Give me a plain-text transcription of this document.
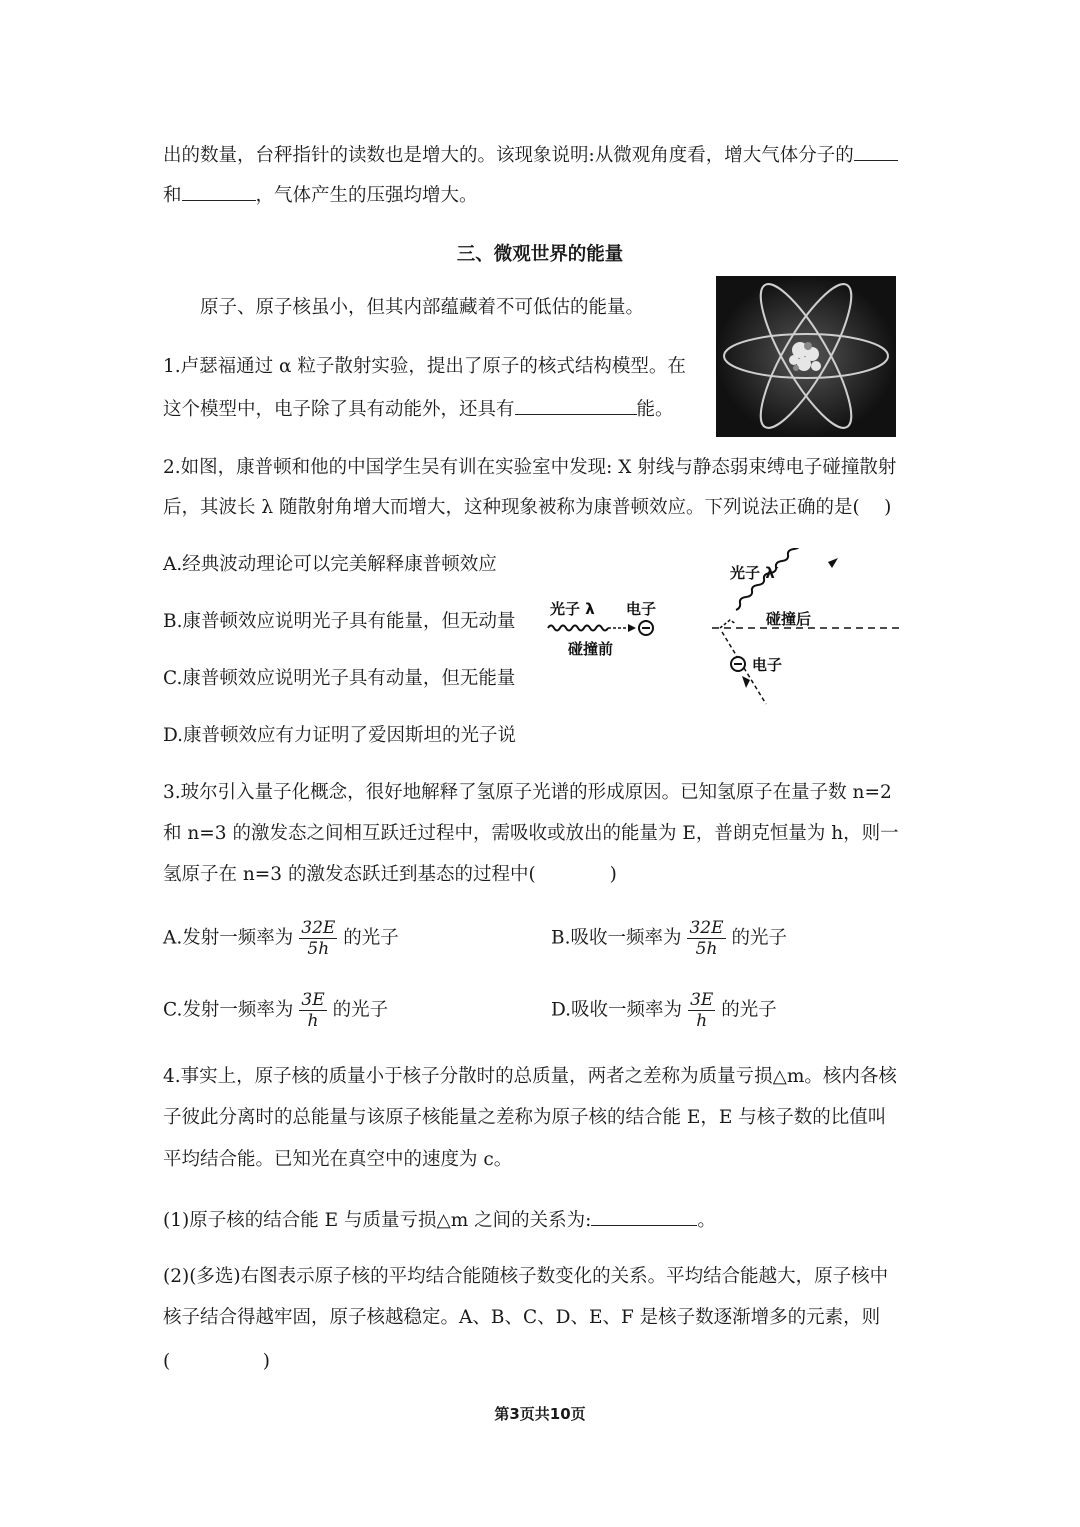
出的数量，台秤指针的读数也是增大的。该现象说明:从微观角度看，增大气体分子的
和	，气体产生的压强均增大。
三、微观世界的能量
原子、原子核虽小，但其内部蕴藏着不可低估的能量。
1.卢瑟福通过 α 粒子散射实验，提出了原子的核式结构模型。在
这个模型中，电子除了具有动能外，还具有	能。
2.如图，康普顿和他的中国学生吴有训在实验室中发现: X 射线与静态弱束缚电子碰撞散射
后，其波长 λ 随散射角增大而增大，这种现象被称为康普顿效应。下列说法正确的是(　 )
A.经典波动理论可以完美解释康普顿效应
B.康普顿效应说明光子具有能量，但无动量
C.康普顿效应说明光子具有动量，但无能量
D.康普顿效应有力证明了爱因斯坦的光子说
光子 λ 电子
碰撞前
光子 λ′
碰撞后
电子
3.玻尔引入量子化概念，很好地解释了氢原子光谱的形成原因。已知氢原子在量子数 n=2
和 n=3 的激发态之间相互跃迁过程中，需吸收或放出的能量为 E，普朗克恒量为 h，则一
氢原子在 n=3 的激发态跃迁到基态的过程中(　　　　)
A.发射一频率为 $\frac{32E}{5h}$ 的光子	B.吸收一频率为 $\frac{32E}{5h}$ 的光子
C.发射一频率为 $\frac{3E}{h}$ 的光子	D.吸收一频率为 $\frac{3E}{h}$ 的光子
4.事实上，原子核的质量小于核子分散时的总质量，两者之差称为质量亏损△m。核内各核
子彼此分离时的总能量与该原子核能量之差称为原子核的结合能 E，E 与核子数的比值叫
平均结合能。已知光在真空中的速度为 c。
(1)原子核的结合能 E 与质量亏损△m 之间的关系为:	。
(2)(多选)右图表示原子核的平均结合能随核子数变化的关系。平均结合能越大，原子核中
核子结合得越牢固，原子核越稳定。A、B、C、D、E、F 是核子数逐渐增多的元素，则
(　　　　　)
第3页共10页
